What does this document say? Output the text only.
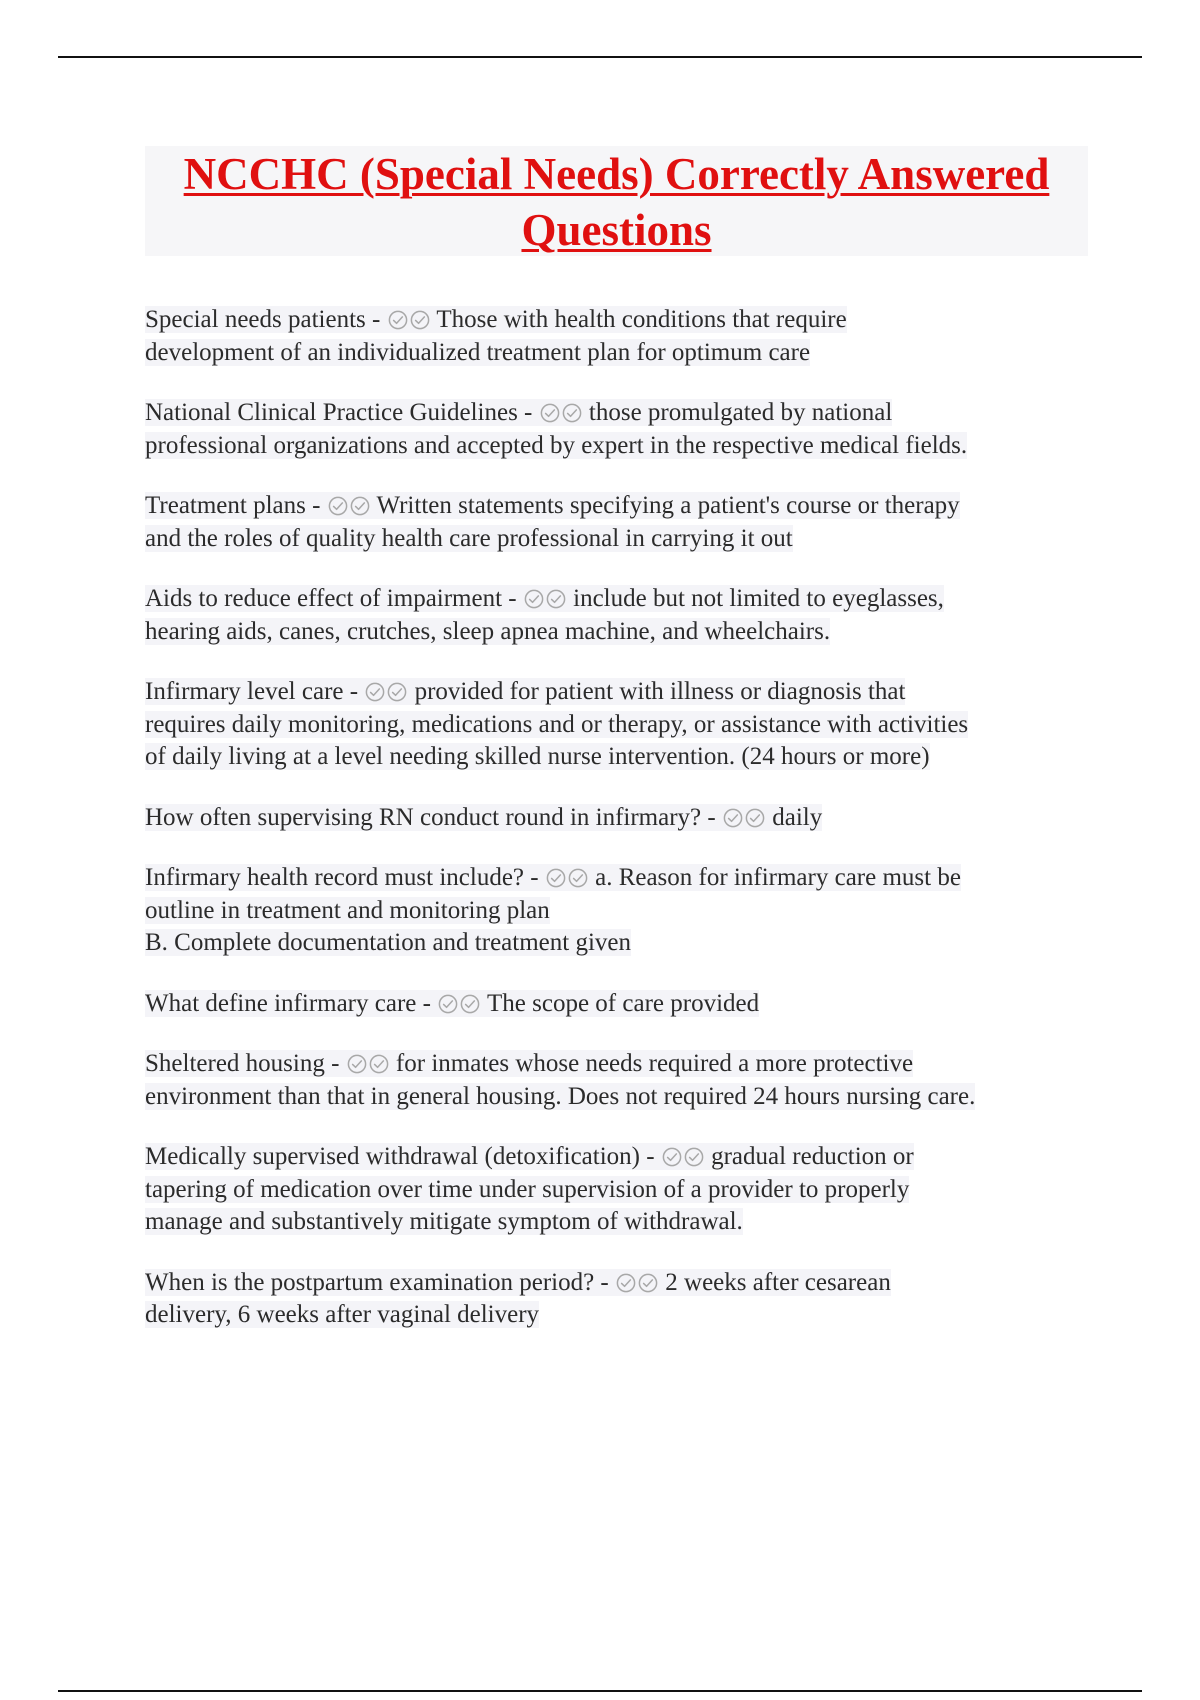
NCCHC (Special Needs) Correctly Answered
Questions
Special needs patients - Those with health conditions that require
development of an individualized treatment plan for optimum care
National Clinical Practice Guidelines - those promulgated by national
professional organizations and accepted by expert in the respective medical fields.
Treatment plans - Written statements specifying a patient's course or therapy
and the roles of quality health care professional in carrying it out
Aids to reduce effect of impairment - include but not limited to eyeglasses,
hearing aids, canes, crutches, sleep apnea machine, and wheelchairs.
Infirmary level care - provided for patient with illness or diagnosis that
requires daily monitoring, medications and or therapy, or assistance with activities
of daily living at a level needing skilled nurse intervention. (24 hours or more)
How often supervising RN conduct round in infirmary? - daily
Infirmary health record must include? - a. Reason for infirmary care must be
outline in treatment and monitoring plan
B. Complete documentation and treatment given
What define infirmary care - The scope of care provided
Sheltered housing - for inmates whose needs required a more protective
environment than that in general housing. Does not required 24 hours nursing care.
Medically supervised withdrawal (detoxification) - gradual reduction or
tapering of medication over time under supervision of a provider to properly
manage and substantively mitigate symptom of withdrawal.
When is the postpartum examination period? - 2 weeks after cesarean
delivery, 6 weeks after vaginal delivery
